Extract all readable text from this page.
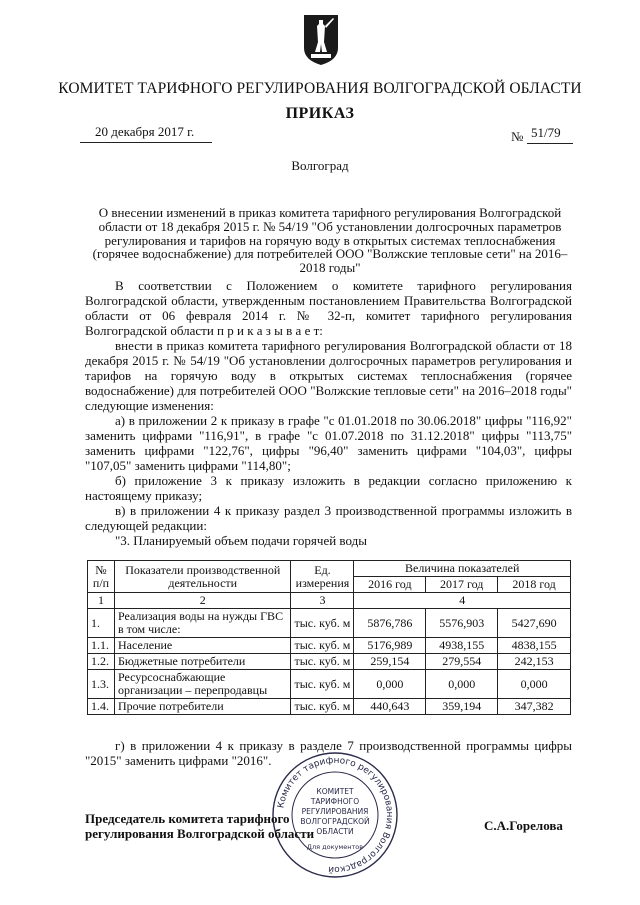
КОМИТЕТ ТАРИФНОГО РЕГУЛИРОВАНИЯ ВОЛГОГРАДСКОЙ ОБЛАСТИ
ПРИКАЗ
20 декабря 2017 г.	№ 51/79
Волгоград
О внесении изменений в приказ комитета тарифного регулирования Волгоградской области от 18 декабря 2015 г. № 54/19 "Об установлении долгосрочных параметров регулирования и тарифов на горячую воду в открытых системах теплоснабжения (горячее водоснабжение) для потребителей ООО "Волжские тепловые сети" на 2016–2018 годы"

В соответствии с Положением о комитете тарифного регулирования Волгоградской области, утвержденным постановлением Правительства Волгоградской области от 06 февраля 2014 г. № 32-п, комитет тарифного регулирования Волгоградской области п р и к а з ы в а е т:

внести в приказ комитета тарифного регулирования Волгоградской области от 18 декабря 2015 г. № 54/19 "Об установлении долгосрочных параметров регулирования и тарифов на горячую воду в открытых системах теплоснабжения (горячее водоснабжение) для потребителей ООО "Волжские тепловые сети" на 2016–2018 годы" следующие изменения:

а) в приложении 2 к приказу в графе "с 01.01.2018 по 30.06.2018" цифры "116,92" заменить цифрами "116,91", в графе "с 01.07.2018 по 31.12.2018" цифры "113,75" заменить цифрами "122,76", цифры "96,40" заменить цифрами "104,03", цифры "107,05" заменить цифрами "114,80";

б) приложение 3 к приказу изложить в редакции согласно приложению к настоящему приказу;

в) в приложении 4 к приказу раздел 3 производственной программы изложить в следующей редакции:

"3. Планируемый объем подачи горячей воды

№ п/п	Показатели производственной деятельности	Ед. измерения	Величина показателей		
			2016 год	2017 год	2018 год
1	2	3	4		
1.	Реализация воды на нужды ГВС в том числе:	тыс. куб. м	5876,786	5576,903	5427,690
1.1.	Население	тыс. куб. м	5176,989	4938,155	4838,155
1.2.	Бюджетные потребители	тыс. куб. м	259,154	279,554	242,153
1.3.	Ресурсоснабжающие организации – перепродавцы	тыс. куб. м	0,000	0,000	0,000
1.4.	Прочие потребители	тыс. куб. м	440,643	359,194	347,382

г) в приложении 4 к приказу в разделе 7 производственной программы цифры "2015" заменить цифрами "2016".

Комитет тарифного регулирования Волгоградской
КОМИТЕТ
ТАРИФНОГО
РЕГУЛИРОВАНИЯ
ВОЛГОГРАДСКОЙ
ОБЛАСТИ
Для документов
Председатель комитета тарифного
регулирования Волгоградской области
С.А.Горелова
